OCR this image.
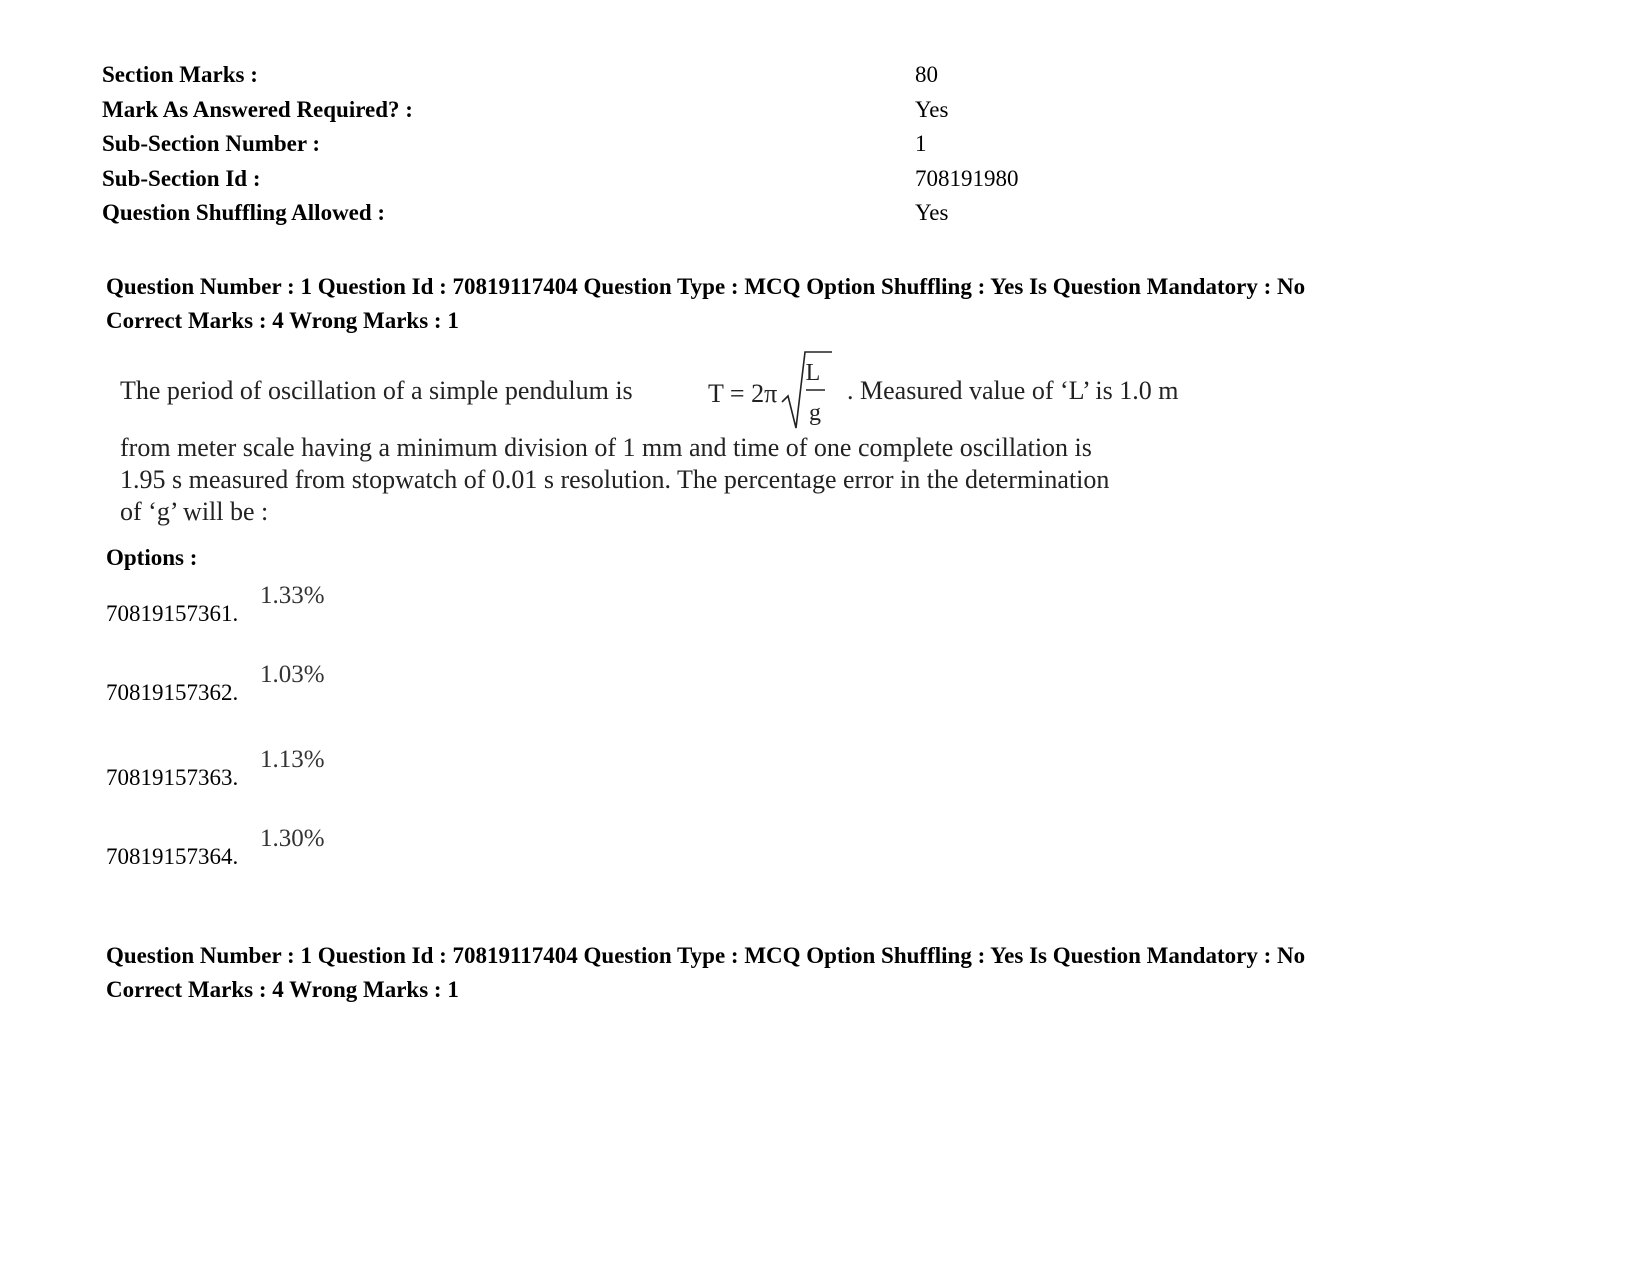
Section Marks :	80
Mark As Answered Required? :	Yes
Sub-Section Number :	1
Sub-Section Id :	708191980
Question Shuffling Allowed :	Yes
Question Number : 1 Question Id : 70819117404 Question Type : MCQ Option Shuffling : Yes Is Question Mandatory : No
Correct Marks : 4 Wrong Marks : 1
The period of oscillation of a simple pendulum is	T = 2π
L
g
. Measured value of ‘L’ is 1.0 m
from meter scale having a minimum division of 1 mm and time of one complete oscillation is
1.95 s measured from stopwatch of 0.01 s resolution. The percentage error in the determination
of ‘g’ will be :
Options :
70819157361.
1.33%
70819157362.
1.03%
70819157363.
1.13%
70819157364.
1.30%
Question Number : 1 Question Id : 70819117404 Question Type : MCQ Option Shuffling : Yes Is Question Mandatory : No
Correct Marks : 4 Wrong Marks : 1
